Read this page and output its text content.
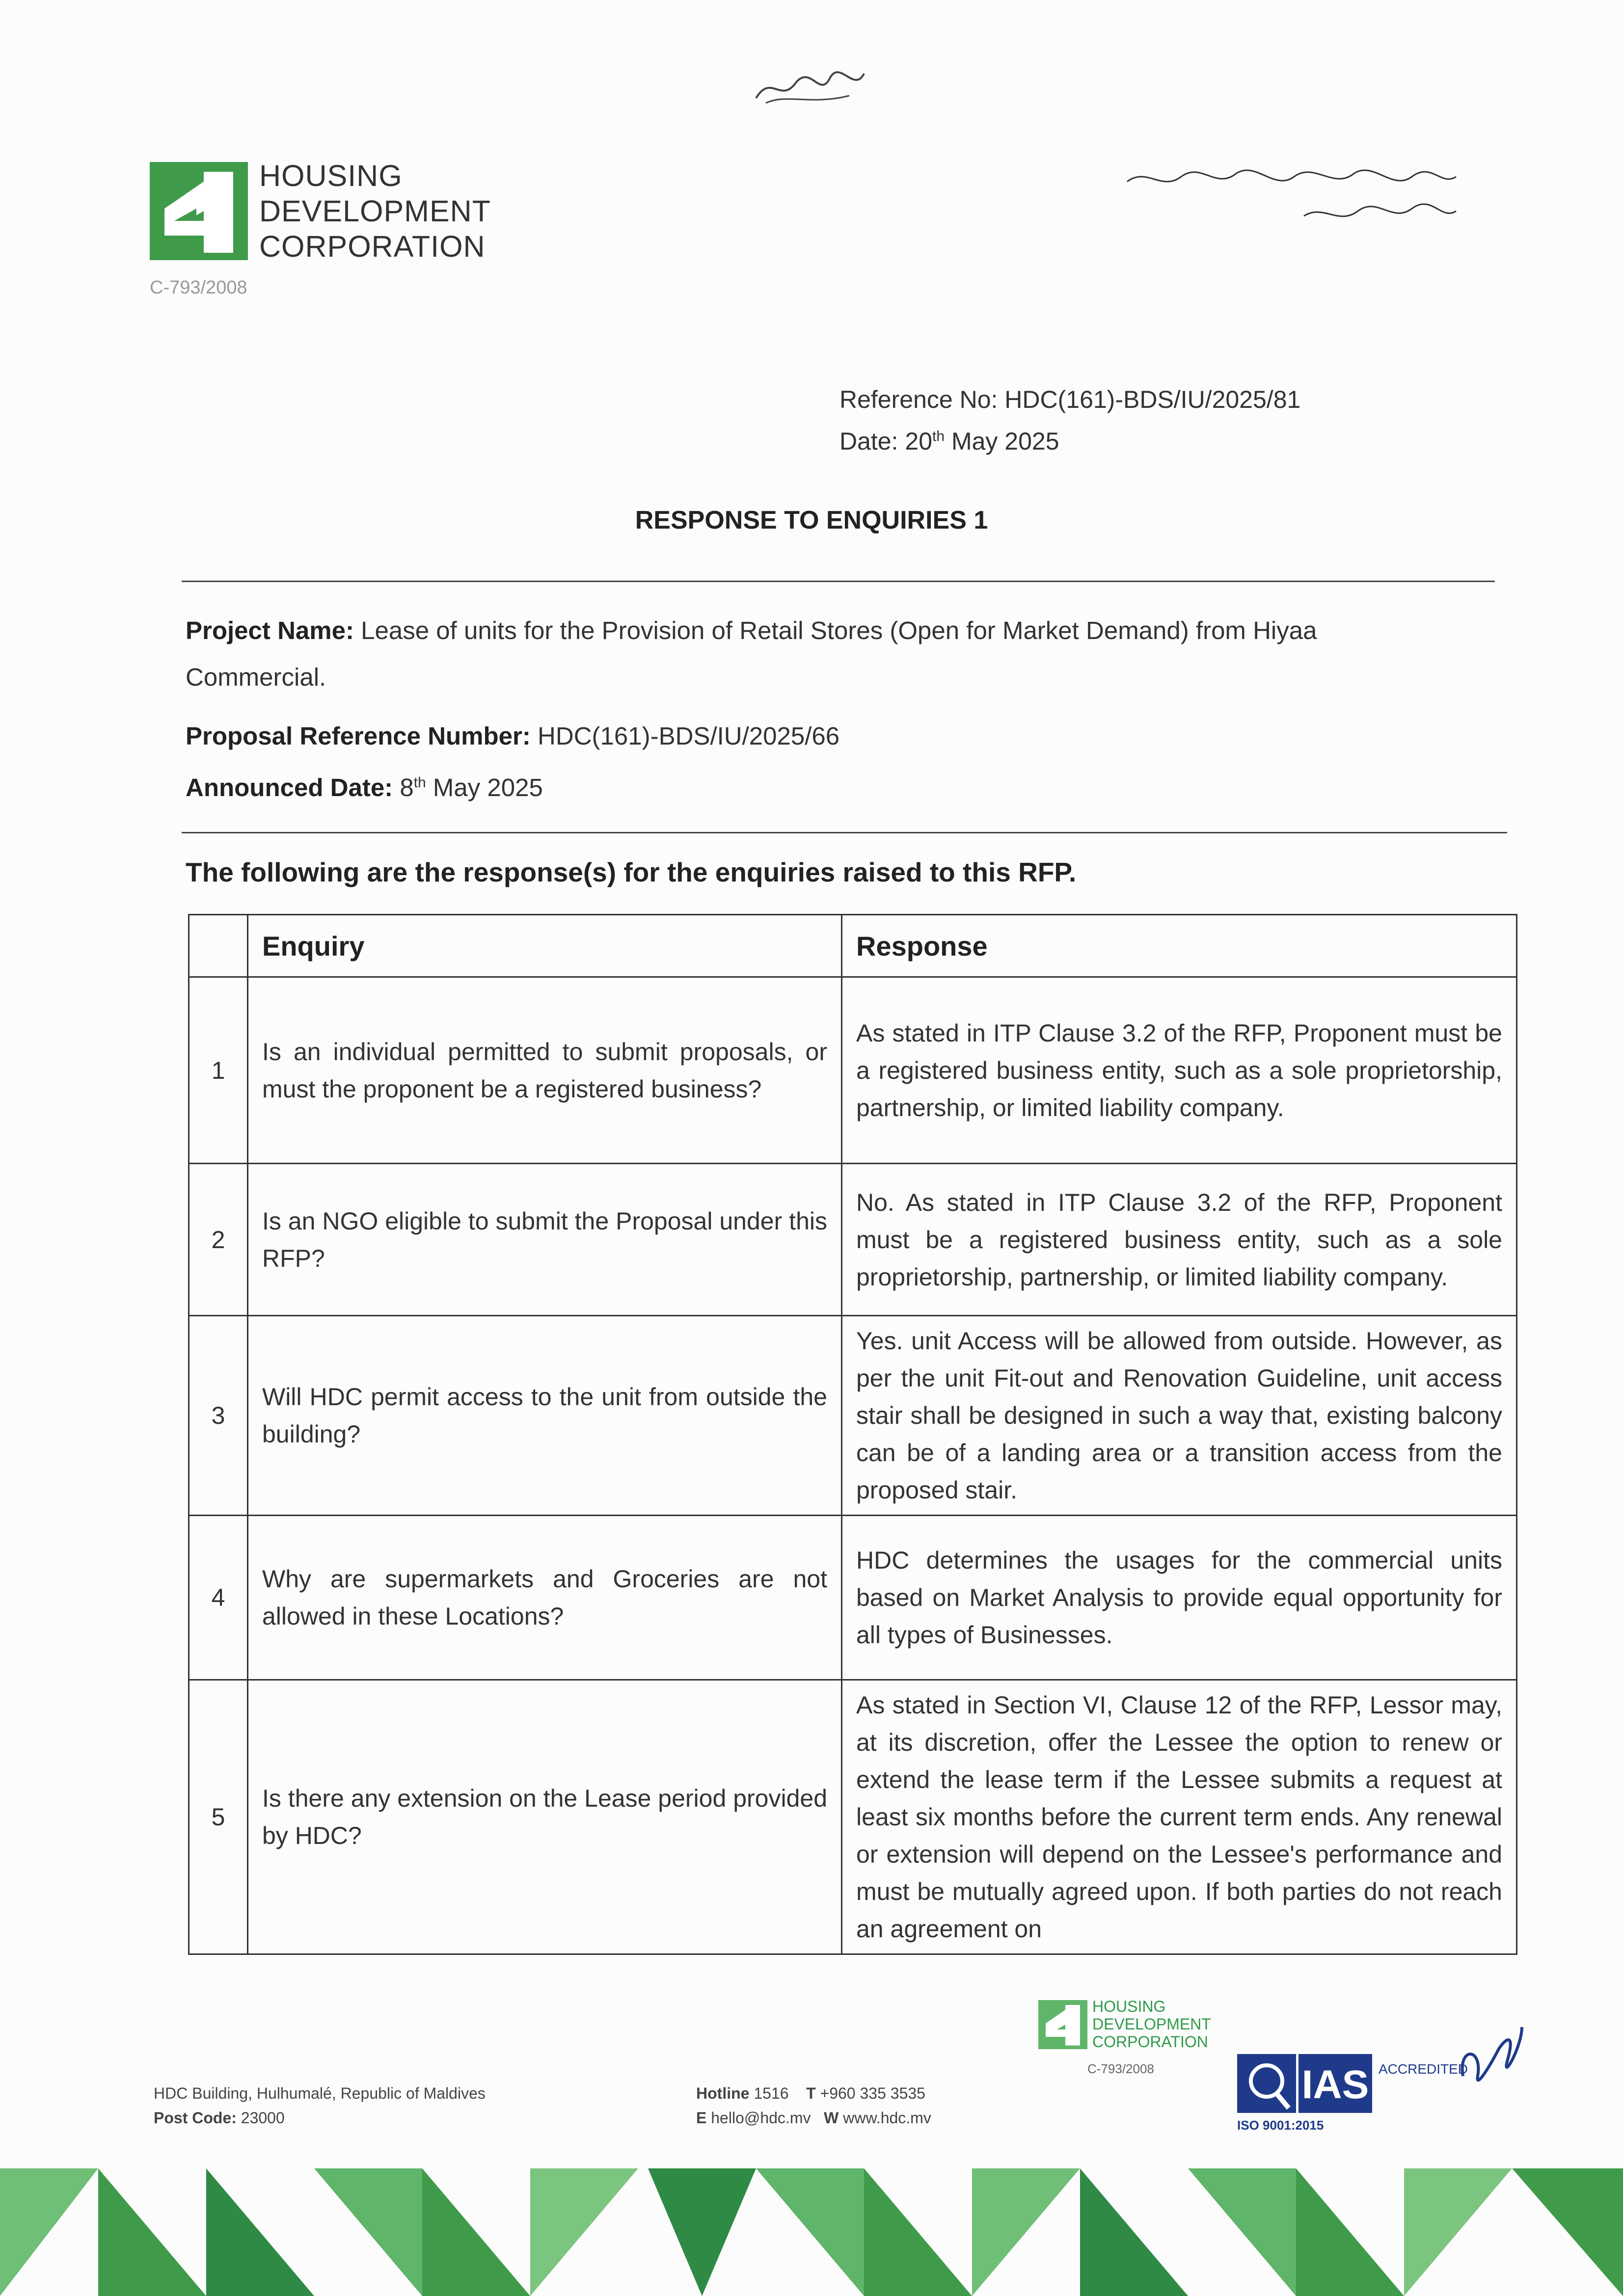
HOUSING
DEVELOPMENT
CORPORATION
C-793/2008
Reference No: HDC(161)-BDS/IU/2025/81
Date: 20th May 2025
RESPONSE TO ENQUIRIES 1
Project Name: Lease of units for the Provision of Retail Stores (Open for Market Demand) from Hiyaa
Commercial.
Proposal Reference Number: HDC(161)-BDS/IU/2025/66
Announced Date: 8th May 2025
The following are the response(s) for the enquiries raised to this RFP.
	Enquiry	Response
1	Is an individual permitted to submit proposals, or must the proponent be a registered business?	As stated in ITP Clause 3.2 of the RFP, Proponent must be a registered business entity, such as a sole proprietorship, partnership, or limited liability company.
2	Is an NGO eligible to submit the Proposal under this RFP?	No. As stated in ITP Clause 3.2 of the RFP, Proponent must be a registered business entity, such as a sole proprietorship, partnership, or limited liability company.
3	Will HDC permit access to the unit from outside the building?	Yes. unit Access will be allowed from outside. However, as per the unit Fit-out and Renovation Guideline, unit access stair shall be designed in such a way that, existing balcony can be of a landing area or a transition access from the proposed stair.
4	Why are supermarkets and Groceries are not allowed in these Locations?	HDC determines the usages for the commercial units based on Market Analysis to provide equal opportunity for all types of Businesses.
5	Is there any extension on the Lease period provided by HDC?	As stated in Section VI, Clause 12 of the RFP, Lessor may, at its discretion, offer the Lessee the option to renew or extend the lease term if the Lessee submits a request at least six months before the current term ends. Any renewal or extension will depend on the Lessee's performance and must be mutually agreed upon. If both parties do not reach an agreement on
HDC Building, Hulhumalé, Republic of Maldives
Post Code: 23000
Hotline 1516 T +960 335 3535
E hello@hdc.mv W www.hdc.mv
HOUSING
DEVELOPMENT
CORPORATION
C-793/2008	IAS ACCREDITED
ISO 9001:2015
